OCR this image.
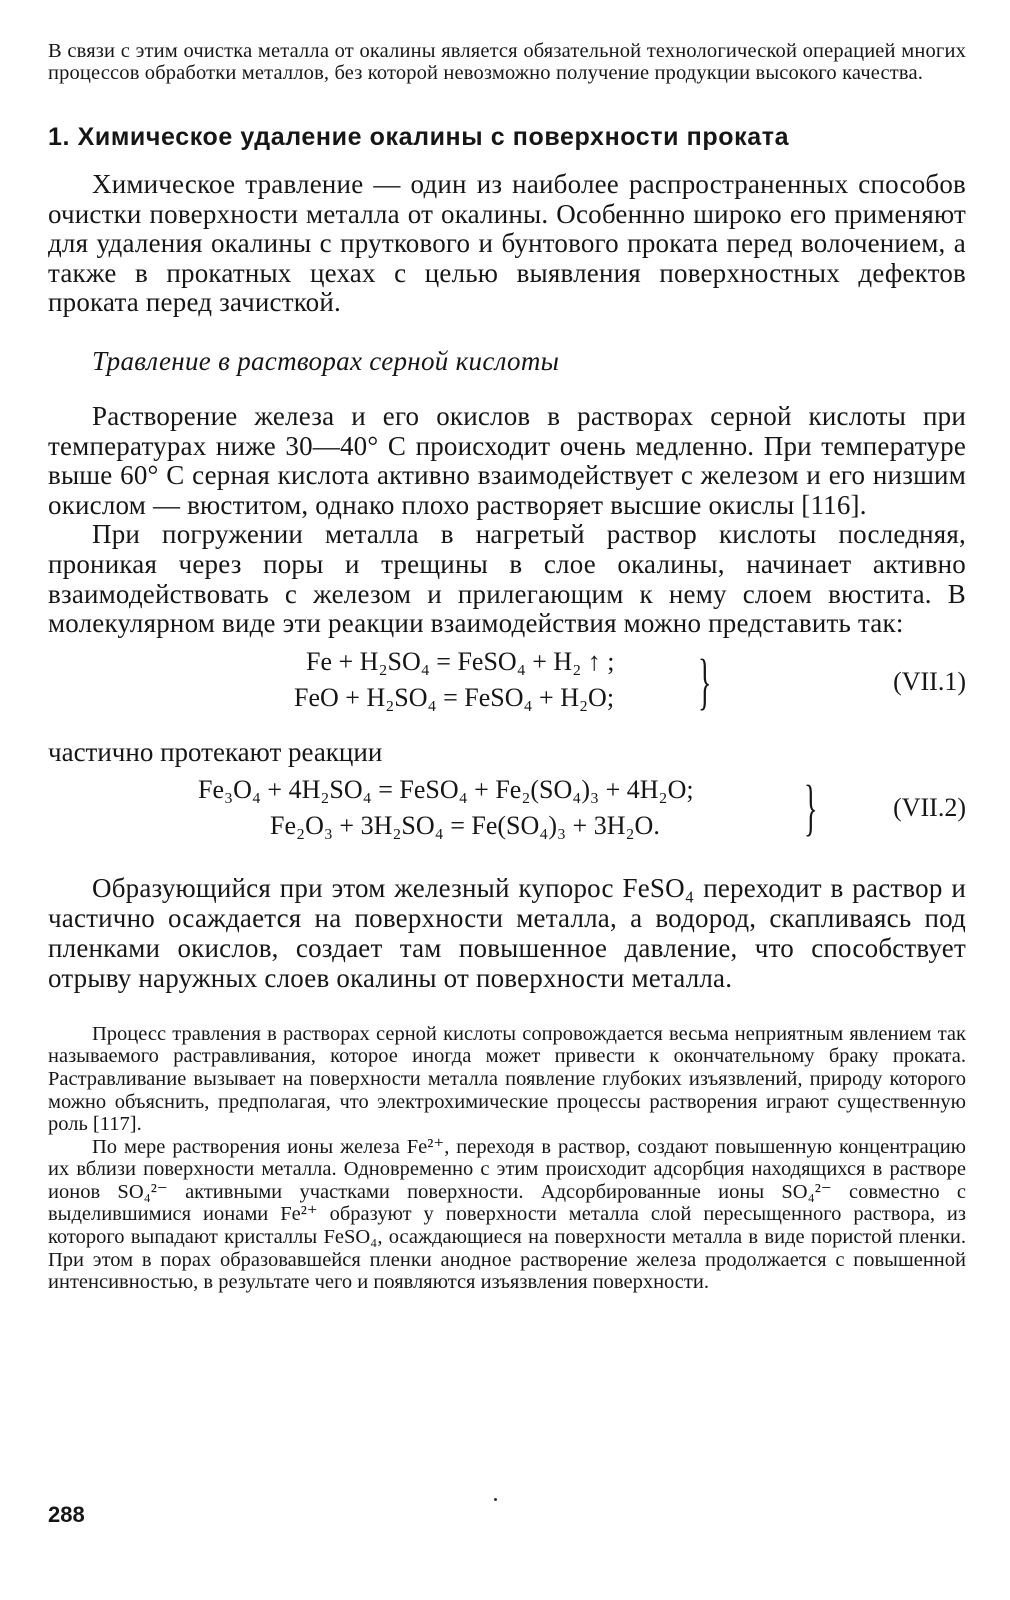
В связи с этим очистка металла от окалины является обязательной технологической операцией многих процессов обработки металлов, без которой невозможно получение продукции высокого качества.

1. Химическое удаление окалины с поверхности проката

Химическое травление — один из наиболее распространенных способов очистки поверхности металла от окалины. Особеннно широко его применяют для удаления окалины с пруткового и бунтового проката перед волочением, а также в прокатных цехах с целью выявления поверхностных дефектов проката перед зачисткой.

Травление в растворах серной кислоты

Растворение железа и его окислов в растворах серной кислоты при температурах ниже 30—40° С происходит очень медленно. При температуре выше 60° С серная кислота активно взаимодействует с железом и его низшим окислом — вюститом, однако плохо растворяет высшие окислы [116].

При погружении металла в нагретый раствор кислоты последняя, проникая через поры и трещины в слое окалины, начинает активно взаимодействовать с железом и прилегающим к нему слоем вюстита. В молекулярном виде эти реакции взаимодействия можно представить так:

Fe + H₂SO₄ = FeSO₄ + H₂ ↑ ;
FeO + H₂SO₄ = FeSO₄ + H₂O; }	(VII.1)

частично протекают реакции

Fe₃O₄ + 4H₂SO₄ = FeSO₄ + Fe₂(SO₄)₃ + 4H₂O;
Fe₂O₃ + 3H₂SO₄ = Fe(SO₄)₃ + 3H₂O. }	(VII.2)

Образующийся при этом железный купорос FeSO₄ переходит в раствор и частично осаждается на поверхности металла, а водород, скапливаясь под пленками окислов, создает там повышенное давление, что способствует отрыву наружных слоев окалины от поверхности металла.

Процесс травления в растворах серной кислоты сопровождается весьма неприятным явлением так называемого растравливания, которое иногда может привести к окончательному браку проката. Растравливание вызывает на поверхности металла появление глубоких изъязвлений, природу которого можно объяснить, предполагая, что электрохимические процессы растворения играют существенную роль [117].

По мере растворения ионы железа Fe²⁺, переходя в раствор, создают повышенную концентрацию их вблизи поверхности металла. Одновременно с этим происходит адсорбция находящихся в растворе ионов SO₄²⁻ активными участками поверхности. Адсорбированные ионы SO₄²⁻ совместно с выделившимися ионами Fe²⁺ образуют у поверхности металла слой пересыщенного раствора, из которого выпадают кристаллы FeSO₄, осаждающиеся на поверхности металла в виде пористой пленки. При этом в порах образовавшейся пленки анодное растворение железа продолжается с повышенной интенсивностью, в результате чего и появляются изъязвления поверхности.

288
